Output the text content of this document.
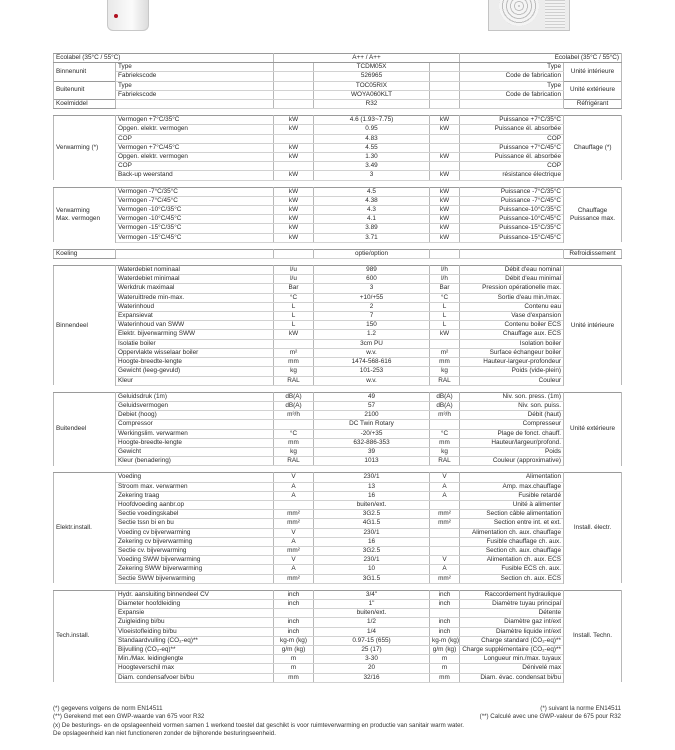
Ecolabel (35°C / 55°C)		A++ / A++			Ecolabel (35°C / 55°C)	
Binnenunit	Type		TCDM05X		Type	Unité intérieure
	Fabriekscode		526965		Code de fabrication	
Buitenunit	Type		TOC05RIX		Type	Unité extérieure
	Fabriekscode		WOYA060KLT		Code de fabrication	
Koelmiddel			R32			Réfrigérant

Verwarming (*)	Vermogen +7°C/35°C	kW	4.6 (1.93~7.75)	kW	Puissance +7°C/35°C	Chauffage (*)
	Opgen. elektr. vermogen	kW	0.95	kW	Puissance él. absorbée	
	COP		4.83		COP	
	Vermogen +7°C/45°C	kW	4.55		Puissance +7°C/45°C	
	Opgen. elektr. vermogen	kW	1.30	kW	Puissance él. absorbée	
	COP		3.49		COP	
	Back-up weerstand	kW	3	kW	résistance électrique	

Verwarming
Max. vermogen	Vermogen -7°C/35°C	kW	4.5	kW	Puissance -7°C/35°C	Chauffage
Puissance max.
	Vermogen -7°C/45°C	kW	4.38	kW	Puissance -7°C/45°C	
	Vermogen -10°C/35°C	kW	4.3	kW	Puissance-10°C/35°C	
	Vermogen -10°C/45°C	kW	4.1	kW	Puissance-10°C/45°C	
	Vermogen -15°C/35°C	kW	3.89	kW	Puissance-15°C/35°C	
	Vermogen -15°C/45°C	kW	3.71	kW	Puissance-15°C/45°C	

Koeling			optie/option			Refroidissement

Binnendeel	Waterdebiet nominaal	l/u	989	l/h	Débit d'eau nominal	Unité intérieure
	Waterdebiet minimaal	l/u	600	l/h	Débit d'eau minimal	
	Werkdruk maximaal	Bar	3	Bar	Pression opérationelle max.	
	Wateruittrede min-max.	°C	+10/+55	°C	Sortie d'eau min./max.	
	Waterinhoud	L	2	L	Contenu eau	
	Expansievat	L	7	L	Vase d'expansion	
	Waterinhoud van SWW	L	150	L	Contenu boiler ECS	
	Elektr. bijverwarming SWW	kW	1.2	kW	Chauffage aux. ECS	
	Isolatie boiler		3cm PU		Isolation boiler	
	Oppervlakte wisselaar boiler	m²	w.v.	m²	Surface échangeur boiler	
	Hoogte-breedte-lengte	mm	1474-568-616	mm	Hauteur-largeur-profondeur	
	Gewicht (leeg-gevuld)	kg	101-253	kg	Poids (vide-plein)	
	Kleur	RAL	w.v.	RAL	Couleur	

Buitendeel	Geluidsdruk (1m)	dB(A)	49	dB(A)	Niv. son. press. (1m)	Unité extérieure
	Geluidsvermogen	dB(A)	57	dB(A)	Niv. son. puiss.	
	Debiet (hoog)	m³/h	2100	m³/h	Débit (haut)	
	Compressor		DC Twin Rotary		Compresseur	
	Werkingslim. verwarmen	°C	-20/+35	°C	Plage de fonct. chauff.	
	Hoogte-breedte-lengte	mm	632-886-353	mm	Hauteur/largeur/profond.	
	Gewicht	kg	39	kg	Poids	
	Kleur (benadering)	RAL	1013	RAL	Couleur (approximative)	

Elektr.install.	Voeding	V	230/1	V	Alimentation	Install. électr.
	Stroom max. verwarmen	A	13	A	Amp. max.chauffage	
	Zekering traag	A	16	A	Fusible retardé	
	Hoofdvoeding aanbr.op		buiten/ext.		Unité à alimenter	
	Sectie voedingskabel	mm²	3G2.5	mm²	Section câble alimentation	
	Sectie tssn bi en bu	mm²	4G1.5	mm²	Section entre int. et ext.	
	Voeding cv bijverwarming	V	230/1		Alimentation ch. aux. chauffage	
	Zekering cv bijverwarming	A	16		Fusible chauffage ch. aux.	
	Sectie cv. bijverwarming	mm²	3G2.5		Section ch. aux. chauffage	
	Voeding SWW bijverwarming	V	230/1	V	Alimentation ch. aux. ECS	
	Zekering SWW bijverwarming	A	10	A	Fusible ECS ch. aux.	
	Sectie SWW bijverwarming	mm²	3G1.5	mm²	Section ch. aux. ECS	

Tech.install.	Hydr. aansluiting binnendeel CV	inch	3/4"	inch	Raccordement hydraulique	Install. Techn.
	Diameter hoofdleiding	inch	1"	inch	Diamètre tuyau principal	
	Expansie		buiten/ext.		Détente	
	Zuigleiding bi/bu	inch	1/2	inch	Diamètre gaz int/ext	
	Vloeistofleiding bi/bu	inch	1/4	inch	Diamètre liquide int/ext	
	Standaardvulling (CO₂-eq)**	kg-m (kg)	0.97-15 (655)	kg-m (kg)	Charge standard (CO₂-eq)**	
	Bijvulling (CO₂-eq)**	g/m (kg)	25 (17)	g/m (kg)	Charge supplémentaire (CO₂-eq)**	
	Min./Max. leidinglengte	m	3-30	m	Longueur min./max. tuyaux	
	Hoogteverschil max	m	20	m	Dénivelé max	
	Diam. condensafvoer bi/bu	mm	32/16	mm	Diam. évac. condensat bi/bu	
(*) gegevens volgens de norm EN14511	(*) suivant la norme EN14511
(**) Gerekend met een GWP-waarde van 675 voor R32	(**) Calculé avec une GWP-valeur de 675 pour R32
(x) De besturings- en de opslageenheid vormen samen 1 werkend toestel dat geschikt is voor ruimteverwarming en productie van sanitair warm water.
De opslageenheid kan niet functioneren zonder de bijhorende besturingseenheid.
